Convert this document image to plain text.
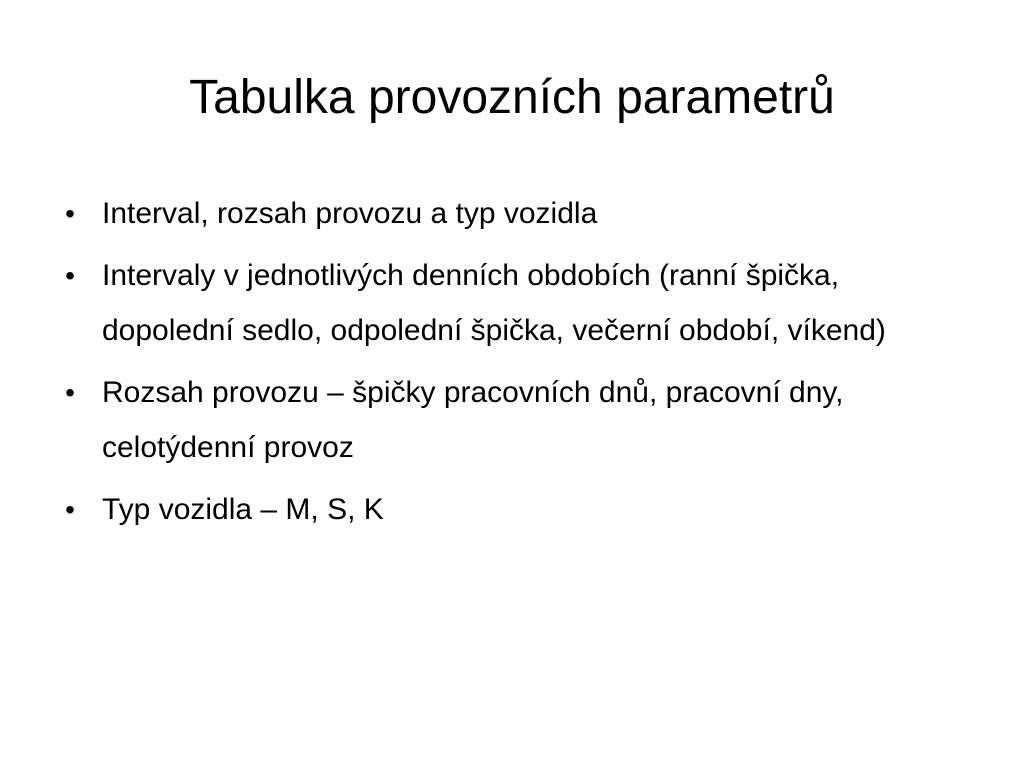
Tabulka provozních parametrů
• Interval, rozsah provozu a typ vozidla
• Intervaly v jednotlivých denních obdobích (ranní špička, dopolední sedlo, odpolední špička, večerní období, víkend)
• Rozsah provozu – špičky pracovních dnů, pracovní dny, celotýdenní provoz
• Typ vozidla – M, S, K
